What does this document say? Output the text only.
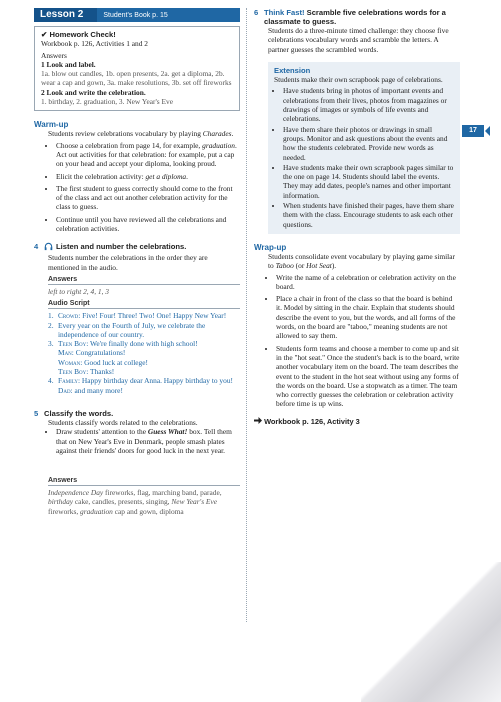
Lesson 2	Student's Book p. 15
✔ Homework Check!
Workbook p. 126, Activities 1 and 2
Answers
1 Look and label.
1a. blow out candles, 1b. open presents, 2a. get a diploma, 2b. wear a cap and gown, 3a. make resolutions, 3b. set off fireworks
2 Look and write the celebration.
1. birthday, 2. graduation, 3. New Year's Eve
Warm-up

Students review celebrations vocabulary by playing Charades.

• Choose a celebration from page 14, for example, graduation. Act out activities for that celebration: for example, put a cap on your head and accept your diploma, looking proud.
• Elicit the celebration activity: get a diploma.
• The first student to guess correctly should come to the front of the class and act out another celebration activity for the class to guess.
• Continue until you have reviewed all the celebrations and celebration activities.
4	Listen and number the celebrations.
Students number the celebrations in the order they are mentioned in the audio.
Answers
left to right 2, 4, 1, 3
Audio Script
1. Crowd: Five! Four! Three! Two! One! Happy New Year!
2. Every year on the Fourth of July, we celebrate the independence of our country.
3. Teen Boy: We're finally done with high school!
Man: Congratulations!
Woman: Good luck at college!
Teen Boy: Thanks!
4. Family: Happy birthday dear Anna. Happy birthday to you!
Dad: and many more!
5 Classify the words.

Students classify words related to the celebrations.

• Draw students' attention to the Guess What! box. Tell them that on New Year's Eve in Denmark, people smash plates against their friends' doors for good luck in the next year.
Answers
Independence Day fireworks, flag, marching band, parade, birthday cake, candles, presents, singing, New Year's Eve fireworks, graduation cap and gown, diploma
6 Think Fast! Scramble five celebrations words for a classmate to guess.
Students do a three-minute timed challenge: they choose five celebrations vocabulary words and scramble the letters. A partner guesses the scrambled words.
Extension
Students make their own scrapbook page of celebrations.
• Have students bring in photos of important events and celebrations from their lives, photos from magazines or drawings of images or symbols of life events and celebrations.
• Have them share their photos or drawings in small groups. Monitor and ask questions about the events and how the students celebrated. Provide new words as needed.
• Have students make their own scrapbook pages similar to the one on page 14. Students should label the events. They may add dates, people's names and other important information.
• When students have finished their pages, have them share them with the class. Encourage students to ask each other questions.
Wrap-up

Students consolidate event vocabulary by playing game similar to Taboo (or Hot Seat).

• Write the name of a celebration or celebration activity on the board.
• Place a chair in front of the class so that the board is behind it. Model by sitting in the chair. Explain that students should describe the event to you, but the words, and all forms of the words, on the board are "taboo," meaning students are not allowed to say them.
• Students form teams and choose a member to come up and sit in the "hot seat." Once the student's back is to the board, write another vocabulary item on the board. The team describes the event to the student in the hot seat without using any forms of the words on the board. Use a stopwatch as a timer. The team who correctly guesses the celebration or celebration activity before time is up wins.
Workbook p. 126, Activity 3
17
